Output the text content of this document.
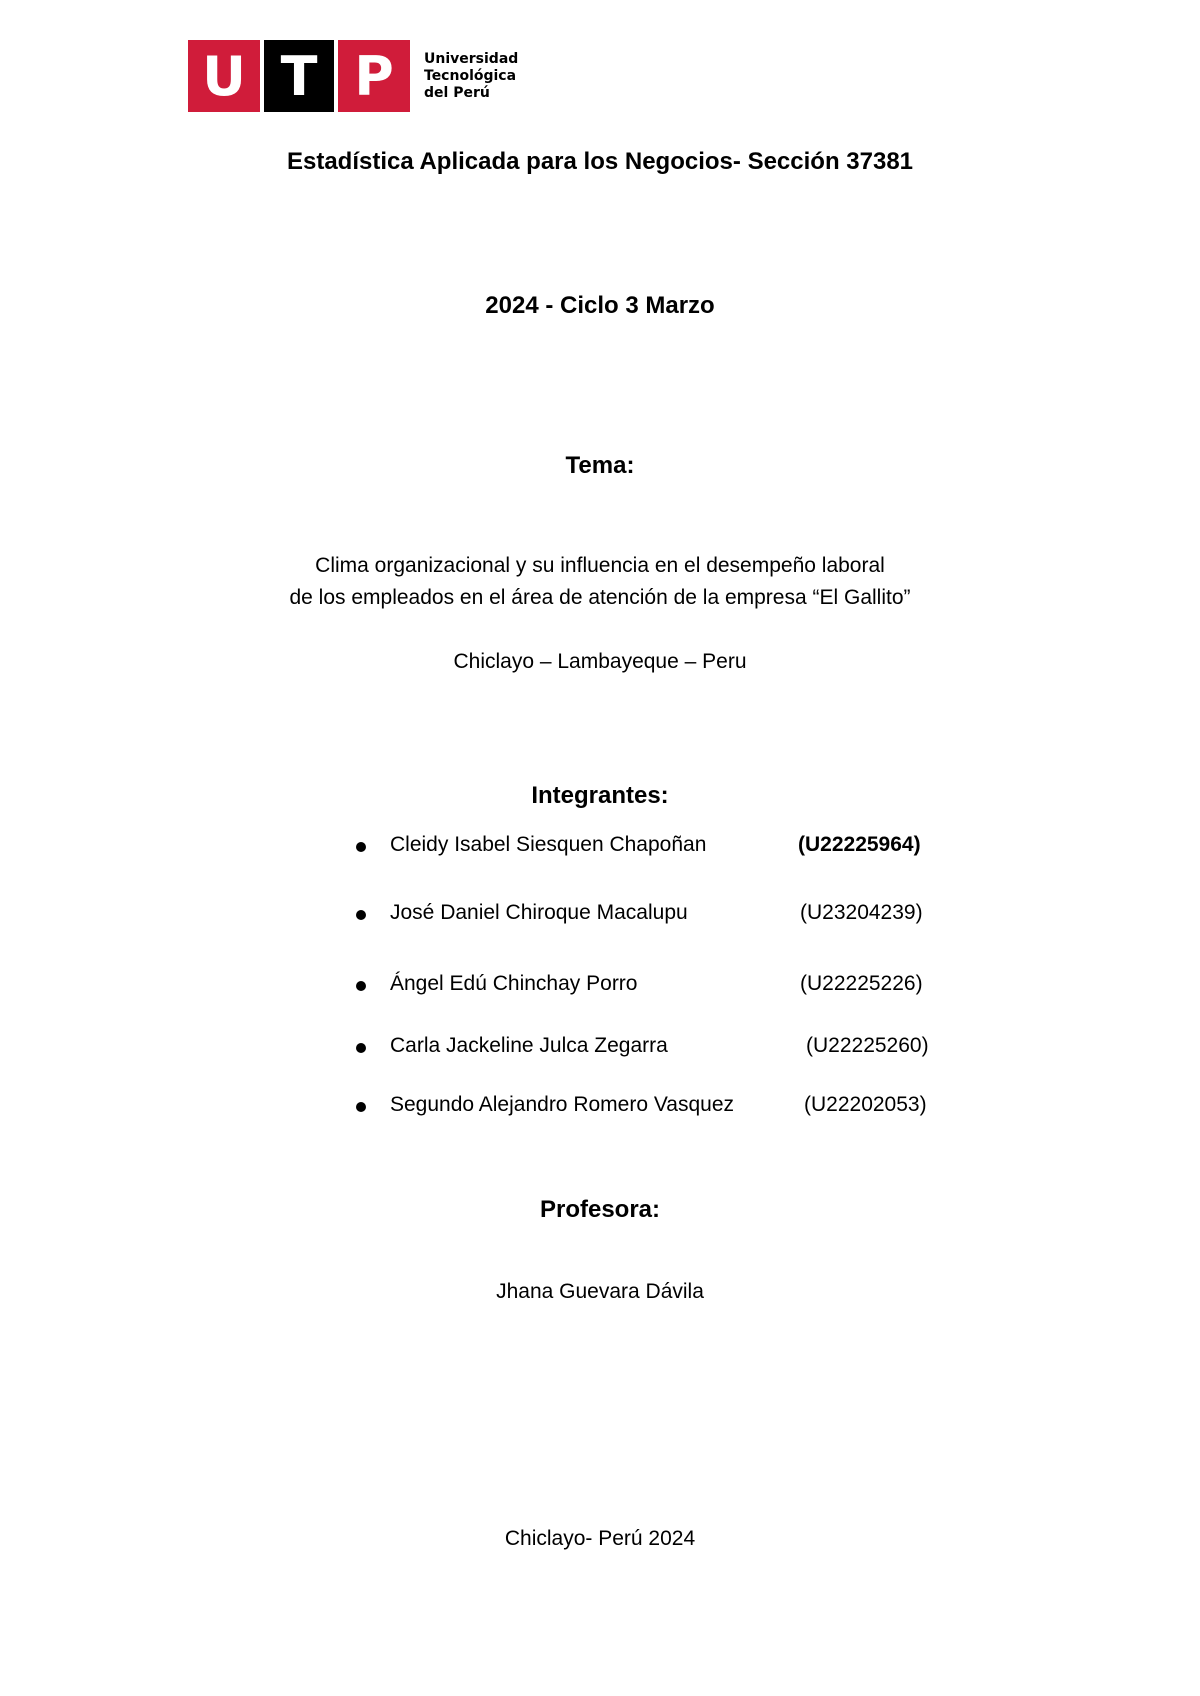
U T P	Universidad
Tecnológica
del Perú
Estadística Aplicada para los Negocios- Sección 37381
2024 - Ciclo 3 Marzo
Tema:
Clima organizacional y su influencia en el desempeño laboral
de los empleados en el área de atención de la empresa “El Gallito”
Chiclayo – Lambayeque – Peru
Integrantes:
Cleidy Isabel Siesquen Chapoñan	(U22225964)
José Daniel Chiroque Macalupu	(U23204239)
Ángel Edú Chinchay Porro	(U22225226)
Carla Jackeline Julca Zegarra	(U22225260)
Segundo Alejandro Romero Vasquez	(U22202053)
Profesora:
Jhana Guevara Dávila
Chiclayo- Perú 2024
